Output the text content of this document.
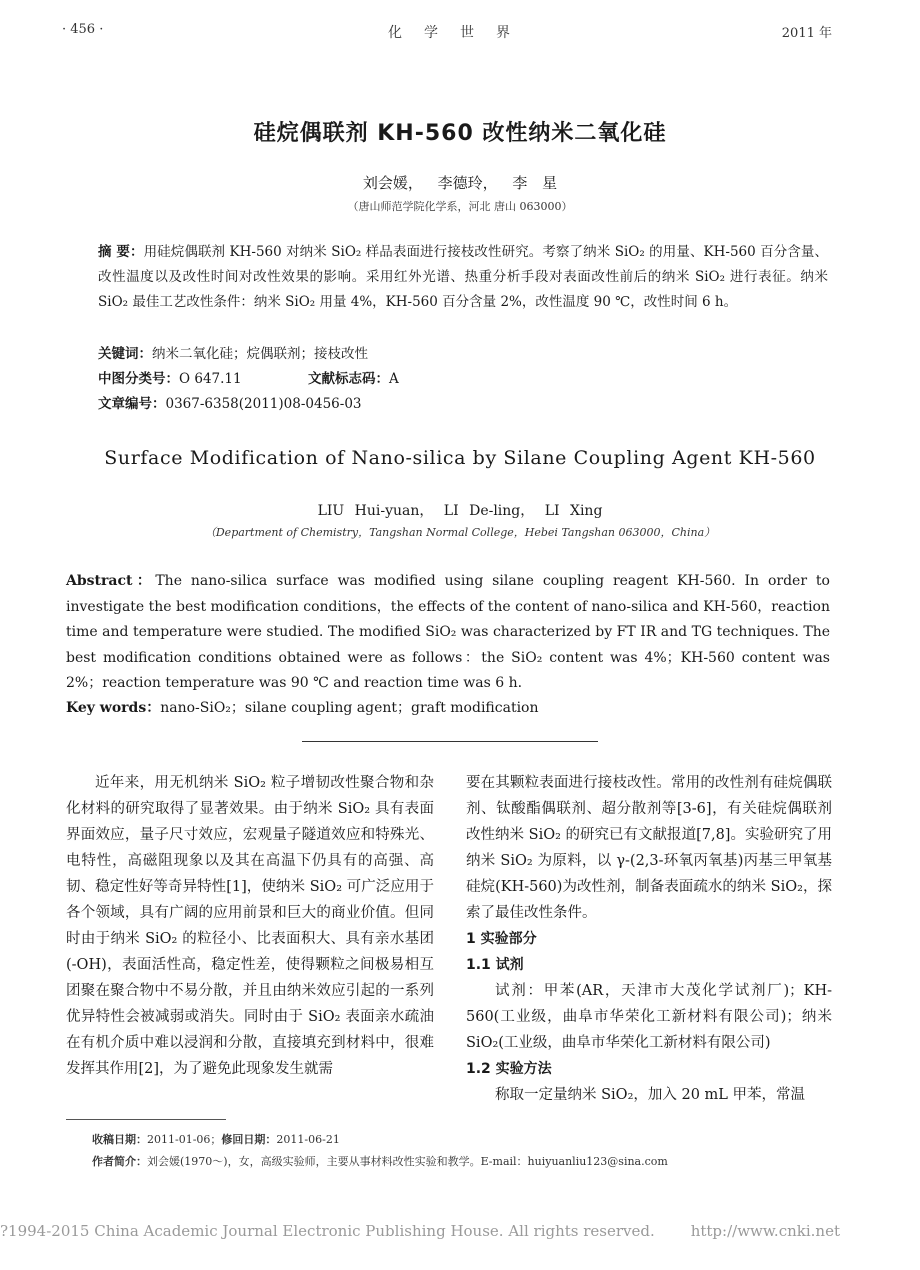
· 456 ·	化学世界	2011 年
硅烷偶联剂 KH-560 改性纳米二氧化硅
刘会媛， 李德玲， 李 星
（唐山师范学院化学系，河北 唐山 063000）
摘 要：用硅烷偶联剂 KH-560 对纳米 SiO₂ 样品表面进行接枝改性研究。考察了纳米 SiO₂ 的用量、KH-560 百分含量、改性温度以及改性时间对改性效果的影响。采用红外光谱、热重分析手段对表面改性前后的纳米 SiO₂ 进行表征。纳米 SiO₂ 最佳工艺改性条件：纳米 SiO₂ 用量 4%，KH-560 百分含量 2%，改性温度 90 ℃，改性时间 6 h。
关键词：纳米二氧化硅；烷偶联剂；接枝改性
中图分类号：O 647.11	文献标志码：A
文章编号：0367-6358(2011)08-0456-03
Surface Modification of Nano-silica by Silane Coupling Agent KH-560
LIU Hui-yuan， LI De-ling， LI Xing
（Department of Chemistry，Tangshan Normal College，Hebei Tangshan 063000，China）
Abstract：The nano-silica surface was modified using silane coupling reagent KH-560. In order to investigate the best modification conditions，the effects of the content of nano-silica and KH-560，reaction time and temperature were studied. The modified SiO₂ was characterized by FT IR and TG techniques. The best modification conditions obtained were as follows：the SiO₂ content was 4%；KH-560 content was 2%；reaction temperature was 90 ℃ and reaction time was 6 h.
Key words：nano-SiO₂；silane coupling agent；graft modification
近年来，用无机纳米 SiO₂ 粒子增韧改性聚合物和杂化材料的研究取得了显著效果。由于纳米 SiO₂ 具有表面界面效应，量子尺寸效应，宏观量子隧道效应和特殊光、电特性，高磁阻现象以及其在高温下仍具有的高强、高韧、稳定性好等奇异特性[1]，使纳米 SiO₂ 可广泛应用于各个领域，具有广阔的应用前景和巨大的商业价值。但同时由于纳米 SiO₂ 的粒径小、比表面积大、具有亲水基团(-OH)，表面活性高，稳定性差，使得颗粒之间极易相互团聚在聚合物中不易分散，并且由纳米效应引起的一系列优异特性会被减弱或消失。同时由于 SiO₂ 表面亲水疏油在有机介质中难以浸润和分散，直接填充到材料中，很难发挥其作用[2]，为了避免此现象发生就需

要在其颗粒表面进行接枝改性。常用的改性剂有硅烷偶联剂、钛酸酯偶联剂、超分散剂等[3-6]，有关硅烷偶联剂改性纳米 SiO₂ 的研究已有文献报道[7,8]。实验研究了用纳米 SiO₂ 为原料，以 γ-(2,3-环氧丙氧基)丙基三甲氧基硅烷(KH-560)为改性剂，制备表面疏水的纳米 SiO₂，探索了最佳改性条件。

1 实验部分

1.1 试剂

试剂：甲苯(AR，天津市大茂化学试剂厂)；KH-560(工业级，曲阜市华荣化工新材料有限公司)；纳米 SiO₂(工业级，曲阜市华荣化工新材料有限公司)

1.2 实验方法

称取一定量纳米 SiO₂，加入 20 mL 甲苯，常温

收稿日期：2011-01-06；修回日期：2011-06-21
作者简介：刘会媛(1970～)，女，高级实验师，主要从事材料改性实验和教学。E-mail：huiyuanliu123@sina.com
?1994-2015 China Academic Journal Electronic Publishing House. All rights reserved. http://www.cnki.net
